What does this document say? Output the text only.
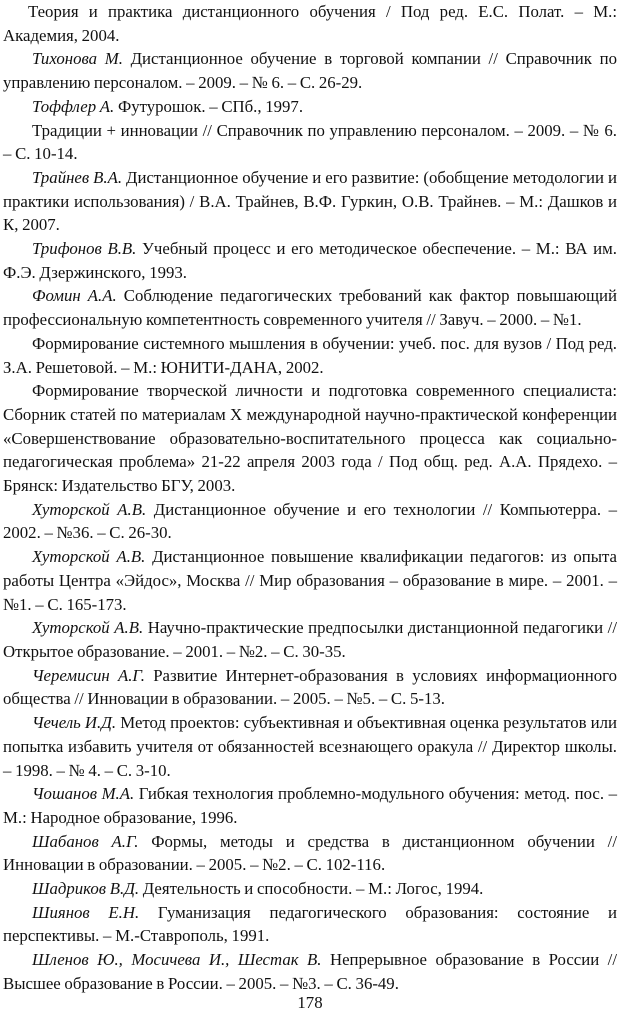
Теория и практика дистанционного обучения / Под ред. Е.С. Полат. – М.: Академия, 2004.

Тихонова М. Дистанционное обучение в торговой компании // Справочник по управлению персоналом. – 2009. – № 6. – С. 26-29.

Тоффлер А. Футурошок. – СПб., 1997.

Традиции + инновации // Справочник по управлению персоналом. – 2009. – № 6. – С. 10-14.

Трайнев В.А. Дистанционное обучение и его развитие: (обобщение методологии и практики использования) / В.А. Трайнев, В.Ф. Гуркин, О.В. Трайнев. – М.: Дашков и К, 2007.

Трифонов В.В. Учебный процесс и его методическое обеспечение. – М.: ВА им. Ф.Э. Дзержинского, 1993.

Фомин А.А. Соблюдение педагогических требований как фактор повышающий профессиональную компетентность современного учителя // Завуч. – 2000. – №1.

Формирование системного мышления в обучении: учеб. пос. для вузов / Под ред. З.А. Решетовой. – М.: ЮНИТИ-ДАНА, 2002.

Формирование творческой личности и подготовка современного специалиста: Сборник статей по материалам X международной научно-практической конференции «Совершенствование образовательно-воспитательного процесса как социально-педагогическая проблема» 21-22 апреля 2003 года / Под общ. ред. А.А. Прядехо. – Брянск: Издательство БГУ, 2003.

Хуторской А.В. Дистанционное обучение и его технологии // Компьютерра. – 2002. – №36. – С. 26-30.

Хуторской А.В. Дистанционное повышение квалификации педагогов: из опыта работы Центра «Эйдос», Москва // Мир образования – образование в мире. – 2001. – №1. – С. 165-173.

Хуторской А.В. Научно-практические предпосылки дистанционной педагогики // Открытое образование. – 2001. – №2. – С. 30-35.

Черемисин А.Г. Развитие Интернет-образования в условиях информационного общества // Инновации в образовании. – 2005. – №5. – С. 5-13.

Чечель И.Д. Метод проектов: субъективная и объективная оценка результатов или попытка избавить учителя от обязанностей всезнающего оракула // Директор школы. – 1998. – № 4. – С. 3-10.

Чошанов М.А. Гибкая технология проблемно-модульного обучения: метод. пос. – М.: Народное образование, 1996.

Шабанов А.Г. Формы, методы и средства в дистанционном обучении // Инновации в образовании. – 2005. – №2. – С. 102-116.

Шадриков В.Д. Деятельность и способности. – М.: Логос, 1994.

Шиянов Е.Н. Гуманизация педагогического образования: состояние и перспективы. – М.-Ставрополь, 1991.

Шленов Ю., Мосичева И., Шестак В. Непрерывное образование в России // Высшее образование в России. – 2005. – №3. – С. 36-49.

178
